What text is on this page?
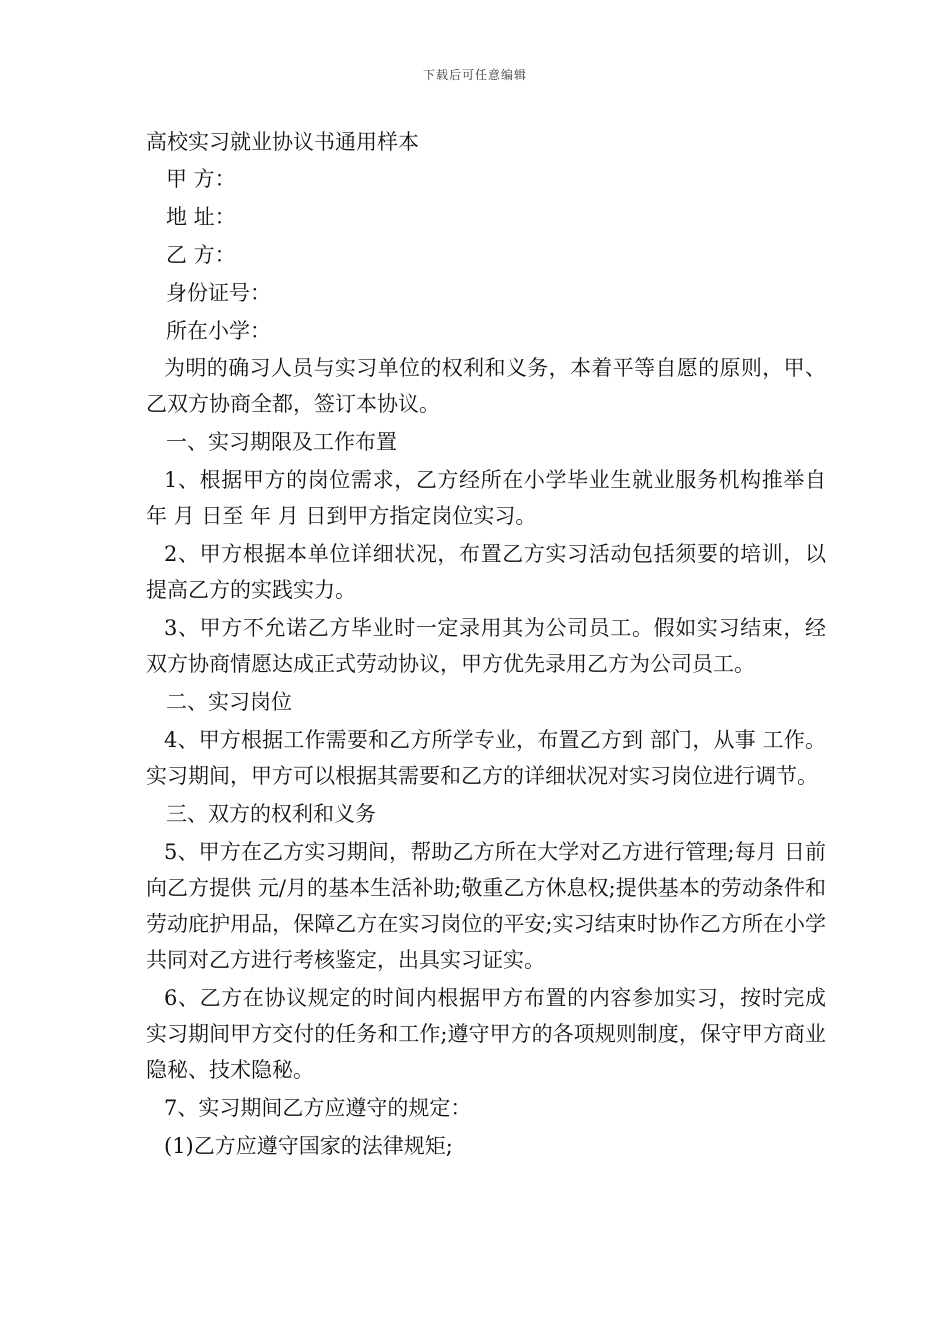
下载后可任意编辑
高校实习就业协议书通用样本

甲 方：

地 址：

乙 方：

身份证号：

所在小学：

为明的确习人员与实习单位的权利和义务，本着平等自愿的原则，甲、乙双方协商全都，签订本协议。

一、实习期限及工作布置

1、根据甲方的岗位需求，乙方经所在小学毕业生就业服务机构推举自 年 月 日至 年 月 日到甲方指定岗位实习。

2、甲方根据本单位详细状况，布置乙方实习活动包括须要的培训，以提高乙方的实践实力。

3、甲方不允诺乙方毕业时一定录用其为公司员工。假如实习结束，经双方协商情愿达成正式劳动协议，甲方优先录用乙方为公司员工。

二、实习岗位

4、甲方根据工作需要和乙方所学专业，布置乙方到 部门，从事 工作。实习期间，甲方可以根据其需要和乙方的详细状况对实习岗位进行调节。

三、双方的权利和义务

5、甲方在乙方实习期间，帮助乙方所在大学对乙方进行管理;每月 日前向乙方提供 元/月的基本生活补助;敬重乙方休息权;提供基本的劳动条件和劳动庇护用品，保障乙方在实习岗位的平安;实习结束时协作乙方所在小学共同对乙方进行考核鉴定，出具实习证实。

6、乙方在协议规定的时间内根据甲方布置的内容参加实习，按时完成实习期间甲方交付的任务和工作;遵守甲方的各项规则制度，保守甲方商业隐秘、技术隐秘。

7、实习期间乙方应遵守的规定：

(1)乙方应遵守国家的法律规矩;
